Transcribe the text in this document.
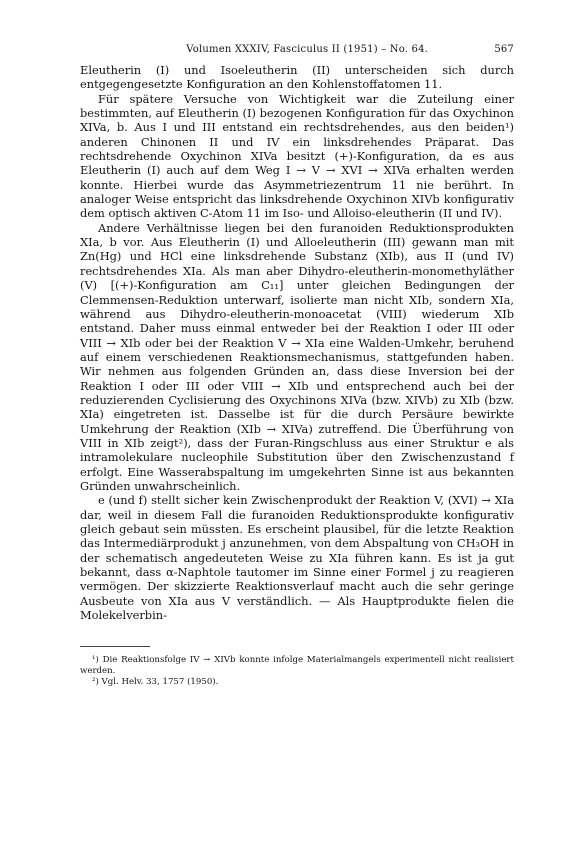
Volumen XXXIV, Fasciculus II (1951) – No. 64.	567

Eleutherin (I) und Isoeleutherin (II) unterscheiden sich durch entgegengesetzte Konfiguration an den Kohlenstoffatomen 11.

Für spätere Versuche von Wichtigkeit war die Zuteilung einer bestimmten, auf Eleutherin (I) bezogenen Konfiguration für das Oxychinon XIVa, b. Aus I und III entstand ein rechtsdrehendes, aus den beiden¹) anderen Chinonen II und IV ein linksdrehendes Präparat. Das rechtsdrehende Oxychinon XIVa besitzt (+)-Konfiguration, da es aus Eleutherin (I) auch auf dem Weg I → V → XVI → XIVa erhalten werden konnte. Hierbei wurde das Asymmetriezentrum 11 nie berührt. In analoger Weise entspricht das linksdrehende Oxychinon XIVb konfigurativ dem optisch aktiven C-Atom 11 im Iso- und Alloiso-eleutherin (II und IV).

Andere Verhältnisse liegen bei den furanoiden Reduktionsprodukten XIa, b vor. Aus Eleutherin (I) und Alloeleutherin (III) gewann man mit Zn(Hg) und HCl eine linksdrehende Substanz (XIb), aus II (und IV) rechtsdrehendes XIa. Als man aber Dihydro-eleutherin-monomethyläther (V) [(+)-Konfiguration am C₁₁] unter gleichen Bedingungen der Clemmensen-Reduktion unterwarf, isolierte man nicht XIb, sondern XIa, während aus Dihydro-eleutherin-monoacetat (VIII) wiederum XIb entstand. Daher muss einmal entweder bei der Reaktion I oder III oder VIII → XIb oder bei der Reaktion V → XIa eine Walden-Umkehr, beruhend auf einem verschiedenen Reaktionsmechanismus, stattgefunden haben. Wir nehmen aus folgenden Gründen an, dass diese Inversion bei der Reaktion I oder III oder VIII → XIb und entsprechend auch bei der reduzierenden Cyclisierung des Oxychinons XIVa (bzw. XIVb) zu XIb (bzw. XIa) eingetreten ist. Dasselbe ist für die durch Persäure bewirkte Umkehrung der Reaktion (XIb → XIVa) zutreffend. Die Überführung von VIII in XIb zeigt²), dass der Furan-Ringschluss aus einer Struktur e als intramolekulare nucleophile Substitution über den Zwischenzustand f erfolgt. Eine Wasserabspaltung im umgekehrten Sinne ist aus bekannten Gründen unwahrscheinlich.

e (und f) stellt sicher kein Zwischenprodukt der Reaktion V, (XVI) → XIa dar, weil in diesem Fall die furanoiden Reduktionsprodukte konfigurativ gleich gebaut sein müssten. Es erscheint plausibel, für die letzte Reaktion das Intermediärprodukt j anzunehmen, von dem Abspaltung von CH₃OH in der schematisch angedeuteten Weise zu XIa führen kann. Es ist ja gut bekannt, dass α-Naphtole tautomer im Sinne einer Formel j zu reagieren vermögen. Der skizzierte Reaktionsverlauf macht auch die sehr geringe Ausbeute von XIa aus V verständlich. — Als Hauptprodukte fielen die Molekelverbin-

¹) Die Reaktionsfolge IV → XIVb konnte infolge Materialmangels experimentell nicht realisiert werden.
²) Vgl. Helv. 33, 1757 (1950).
